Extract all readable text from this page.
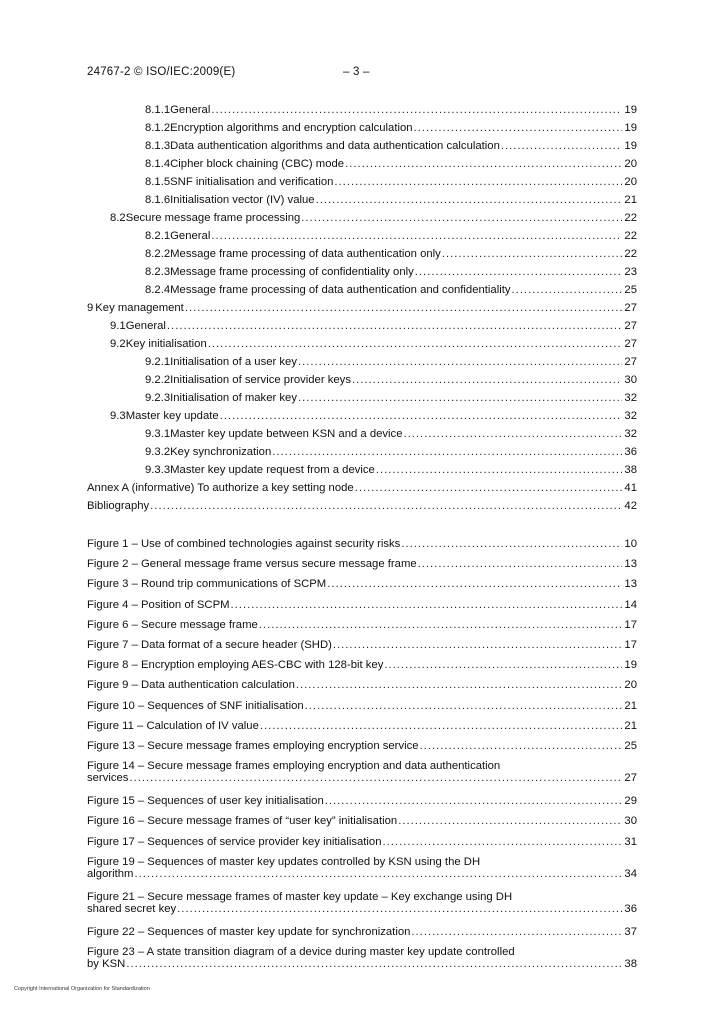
24767-2 © ISO/IEC:2009(E)	– 3 –
8.1.1 General .....	19
8.1.2 Encryption algorithms and encryption calculation .....	19
8.1.3 Data authentication algorithms and data authentication calculation .....	19
8.1.4 Cipher block chaining (CBC) mode .....	20
8.1.5 SNF initialisation and verification .....	20
8.1.6 Initialisation vector (IV) value .....	21
8.2 Secure message frame processing .....	22
8.2.1 General .....	22
8.2.2 Message frame processing of data authentication only .....	22
8.2.3 Message frame processing of confidentiality only .....	23
8.2.4 Message frame processing of data authentication and confidentiality .....	25
9 Key management .....	27
9.1 General .....	27
9.2 Key initialisation .....	27
9.2.1 Initialisation of a user key .....	27
9.2.2 Initialisation of service provider keys .....	30
9.2.3 Initialisation of maker key .....	32
9.3 Master key update .....	32
9.3.1 Master key update between KSN and a device .....	32
9.3.2 Key synchronization .....	36
9.3.3 Master key update request from a device .....	38
Annex A (informative) To authorize a key setting node .....	41
Bibliography .....	42
Figure 1 – Use of combined technologies against security risks .....	10
Figure 2 – General message frame versus secure message frame .....	13
Figure 3 – Round trip communications of SCPM .....	13
Figure 4 – Position of SCPM .....	14
Figure 6 – Secure message frame .....	17
Figure 7 – Data format of a secure header (SHD) .....	17
Figure 8 – Encryption employing AES-CBC with 128-bit key .....	19
Figure 9 – Data authentication calculation .....	20
Figure 10 – Sequences of SNF initialisation .....	21
Figure 11 – Calculation of IV value .....	21
Figure 13 – Secure message frames employing encryption service .....	25
Figure 14 – Secure message frames employing encryption and data authentication
services .....	27
Figure 15 – Sequences of user key initialisation .....	29
Figure 16 – Secure message frames of “user key” initialisation .....	30
Figure 17 – Sequences of service provider key initialisation .....	31
Figure 19 – Sequences of master key updates controlled by KSN using the DH
algorithm .....	34
Figure 21 – Secure message frames of master key update – Key exchange using DH
shared secret key .....	36
Figure 22 – Sequences of master key update for synchronization .....	37
Figure 23 – A state transition diagram of a device during master key update controlled
by KSN .....	38
Copyright International Organization for Standardization
